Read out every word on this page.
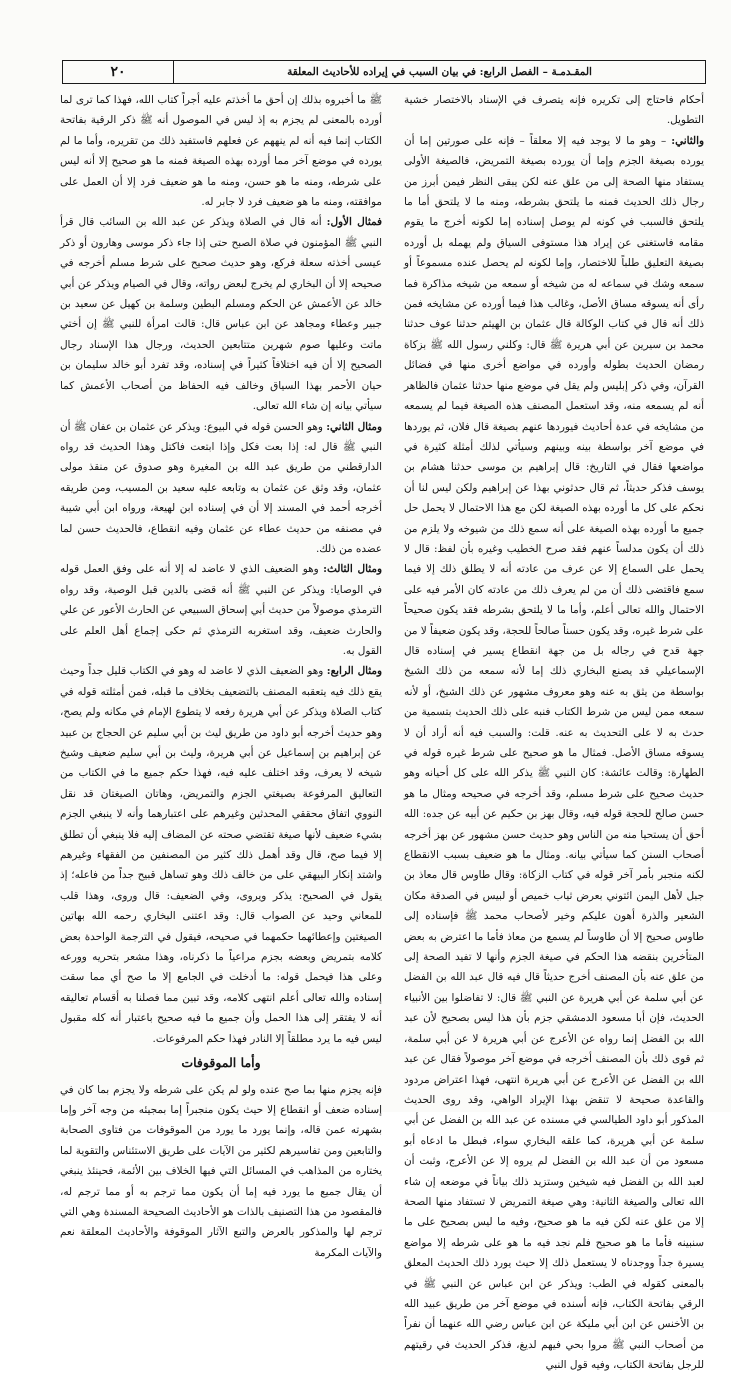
٢٠	المقـدمـة – الفصل الرابع: في بيان السبب في إيراده للأحاديث المعلقة

أحكام فاحتاج إلى تكريره فإنه يتصرف في الإسناد بالاختصار خشية التطويل.

والثاني: – وهو ما لا يوجد فيه إلا معلقاً – فإنه على صورتين إما أن يورده بصيغة الجزم وإما أن يورده بصيغة التمريض، فالصيغة الأولى يستفاد منها الصحة إلى من علق عنه لكن يبقى النظر فيمن أبرز من رجال ذلك الحديث فمنه ما يلتحق بشرطه، ومنه ما لا يلتحق أما ما يلتحق فالسبب في كونه لم يوصل إسناده إما لكونه أخرج ما يقوم مقامه فاستغنى عن إيراد هذا مستوفى السياق ولم يهمله بل أورده بصيغة التعليق طلباً للاختصار، وإما لكونه لم يحصل عنده مسموعاً أو سمعه وشك في سماعه له من شيخه أو سمعه من شيخه مذاكرة فما رأى أنه يسوقه مساق الأصل، وغالب هذا فيما أورده عن مشايخه فمن ذلك أنه قال في كتاب الوكالة قال عثمان بن الهيثم حدثنا عوف حدثنا محمد بن سيرين عن أبي هريرة ﷺ قال: وكلني رسول الله ﷺ بزكاة رمضان الحديث بطوله وأورده في مواضع أخرى منها في فضائل القرآن، وفي ذكر إبليس ولم يقل في موضع منها حدثنا عثمان فالظاهر أنه لم يسمعه منه، وقد استعمل المصنف هذه الصيغة فيما لم يسمعه من مشايخه في عدة أحاديث فيوردها عنهم بصيغة قال فلان، ثم يوردها في موضع آخر بواسطة بينه وبينهم وسيأتي لذلك أمثلة كثيرة في مواضعها فقال في التاريخ: قال إبراهيم بن موسى حدثنا هشام بن يوسف فذكر حديثاً، ثم قال حدثوني بهذا عن إبراهيم ولكن ليس لنا أن نحكم على كل ما أورده بهذه الصيغة لكن مع هذا الاحتمال لا يحمل حل جميع ما أورده بهذه الصيغة على أنه سمع ذلك من شيوخه ولا يلزم من ذلك أن يكون مدلساً عنهم فقد صرح الخطيب وغيره بأن لفظ: قال لا يحمل على السماع إلا عن عرف من عادته أنه لا يطلق ذلك إلا فيما سمع فاقتضى ذلك أن من لم يعرف ذلك من عادته كان الأمر فيه على الاحتمال والله تعالى أعلم، وأما ما لا يلتحق بشرطه فقد يكون صحيحاً على شرط غيره، وقد يكون حسناً صالحاً للحجة، وقد يكون ضعيفاً لا من جهة قدح في رجاله بل من جهة انقطاع يسير في إسناده قال الإسماعيلي قد يصنع البخاري ذلك إما لأنه سمعه من ذلك الشيخ بواسطة من يثق به عنه وهو معروف مشهور عن ذلك الشيخ، أو لأنه سمعه ممن ليس من شرط الكتاب فنبه على ذلك الحديث بتسمية من حدث به لا على التحديث به عنه. قلت: والسبب فيه أنه أراد أن لا يسوقه مساق الأصل. فمثال ما هو صحيح على شرط غيره قوله في الطهارة: وقالت عائشة: كان النبي ﷺ يذكر الله على كل أحيانه وهو حديث صحيح على شرط مسلم، وقد أخرجه في صحيحه ومثال ما هو حسن صالح للحجة قوله فيه، وقال بهز بن حكيم عن أبيه عن جده: الله أحق أن يستحيا منه من الناس وهو حديث حسن مشهور عن بهز أخرجه أصحاب السنن كما سيأتي بيانه. ومثال ما هو ضعيف بسبب الانقطاع لكنه منجبر بأمر آخر قوله في كتاب الزكاة: وقال طاوس قال معاذ بن جبل لأهل اليمن ائتوني بعرض ثياب خميص أو لبيس في الصدقة مكان الشعير والذرة أهون عليكم وخير لأصحاب محمد ﷺ فإسناده إلى طاوس صحيح إلا أن طاوساً لم يسمع من معاذ فأما ما اعترض به بعض المتأخرين بنقضه هذا الحكم في صيغة الجزم وأنها لا تفيد الصحة إلى من علق عنه بأن المصنف أخرج حديثاً قال فيه قال عبد الله بن الفضل عن أبي سلمة عن أبي هريرة عن النبي ﷺ قال: لا تفاضلوا بين الأنبياء الحديث، فإن أبا مسعود الدمشقي جزم بأن هذا ليس بصحيح لأن عبد الله بن الفضل إنما رواه عن الأعرج عن أبي هريرة لا عن أبي سلمة، ثم قوى ذلك بأن المصنف أخرجه في موضع آخر موصولاً فقال عن عبد الله بن الفضل عن الأعرج عن أبي هريرة انتهى، فهذا اعتراض مردود والقاعدة صحيحة لا تنقض بهذا الإيراد الواهي، وقد روى الحديث المذكور أبو داود الطيالسي في مسنده عن عبد الله بن الفضل عن أبي سلمة عن أبي هريرة، كما علقه البخاري سواء، فبطل ما ادعاه أبو مسعود من أن عبد الله بن الفضل لم يروه إلا عن الأعرج، وثبت أن لعبد الله بن الفضل فيه شيخين وستزيد ذلك بياناً في موضعه إن شاء الله تعالى والصيغة الثانية: وهي صيغة التمريض لا تستفاد منها الصحة إلا من علق عنه لكن فيه ما هو صحيح، وفيه ما ليس بصحيح على ما سنبينه فأما ما هو صحيح فلم نجد فيه ما هو على شرطه إلا مواضع يسيرة جداً ووجدناه لا يستعمل ذلك إلا حيث يورد ذلك الحديث المعلق بالمعنى كقوله في الطب: ويذكر عن ابن عباس عن النبي ﷺ في الرقي بفاتحة الكتاب، فإنه أسنده في موضع آخر من طريق عبيد الله بن الأخنس عن ابن أبي مليكة عن ابن عباس رضي الله عنهما أن نفراً من أصحاب النبي ﷺ مروا بحي فيهم لديغ، فذكر الحديث في رقيتهم للرجل بفاتحة الكتاب، وفيه قول النبي

ﷺ ما أخبروه بذلك إن أحق ما أخذتم عليه أجراً كتاب الله، فهذا كما ترى لما أورده بالمعنى لم يجزم به إذ ليس في الموصول أنه ﷺ ذكر الرقية بفاتحة الكتاب إنما فيه أنه لم ينههم عن فعلهم فاستفيد ذلك من تقريره، وأما ما لم يورده في موضع آخر مما أورده بهذه الصيغة فمنه ما هو صحيح إلا أنه ليس على شرطه، ومنه ما هو حسن، ومنه ما هو ضعيف فرد إلا أن العمل على موافقته، ومنه ما هو ضعيف فرد لا جابر له.

فمثال الأول: أنه قال في الصلاة ويذكر عن عبد الله بن السائب قال قرأ النبي ﷺ المؤمنون في صلاة الصبح حتى إذا جاء ذكر موسى وهارون أو ذكر عيسى أخذته سعلة فركع، وهو حديث صحيح على شرط مسلم أخرجه في صحيحه إلا أن البخاري لم يخرج لبعض رواته، وقال في الصيام ويذكر عن أبي خالد عن الأعمش عن الحكم ومسلم البطين وسلمة بن كهيل عن سعيد بن جبير وعطاء ومجاهد عن ابن عباس قال: قالت امرأة للنبي ﷺ إن أختي ماتت وعليها صوم شهرين متتابعين الحديث، ورجال هذا الإسناد رجال الصحيح إلا أن فيه اختلافاً كثيراً في إسناده، وقد تفرد أبو خالد سليمان بن حيان الأحمر بهذا السياق وخالف فيه الحفاظ من أصحاب الأعمش كما سيأتي بيانه إن شاء الله تعالى.

ومثال الثاني: وهو الحسن قوله في البيوع: ويذكر عن عثمان بن عفان ﷺ أن النبي ﷺ قال له: إذا بعت فكل وإذا ابتعت فاكتل وهذا الحديث قد رواه الدارقطني من طريق عبد الله بن المغيرة وهو صدوق عن منقذ مولى عثمان، وقد وثق عن عثمان به وتابعه عليه سعيد بن المسيب، ومن طريقه أخرجه أحمد في المسند إلا أن في إسناده ابن لهيعة، ورواه ابن أبي شيبة في مصنفه من حديث عطاء عن عثمان وفيه انقطاع، فالحديث حسن لما عضده من ذلك.

ومثال الثالث: وهو الضعيف الذي لا عاضد له إلا أنه على وفق العمل قوله في الوصايا: ويذكر عن النبي ﷺ أنه قضى بالدين قبل الوصية، وقد رواه الترمذي موصولاً من حديث أبي إسحاق السبيعي عن الحارث الأعور عن علي والحارث ضعيف، وقد استغربه الترمذي ثم حكى إجماع أهل العلم على القول به.

ومثال الرابع: وهو الضعيف الذي لا عاضد له وهو في الكتاب قليل جداً وحيث يقع ذلك فيه يتعقبه المصنف بالتضعيف بخلاف ما قبله، فمن أمثلته قوله في كتاب الصلاة ويذكر عن أبي هريرة رفعه لا يتطوع الإمام في مكانه ولم يصح، وهو حديث أخرجه أبو داود من طريق ليث بن أبي سليم عن الحجاج بن عبيد عن إبراهيم بن إسماعيل عن أبي هريرة، وليث بن أبي سليم ضعيف وشيخ شيخه لا يعرف، وقد اختلف عليه فيه، فهذا حكم جميع ما في الكتاب من التعاليق المرفوعة بصيغتي الجزم والتمريض، وهاتان الصيغتان قد نقل النووي اتفاق محققي المحدثين وغيرهم على اعتبارهما وأنه لا ينبغي الجزم بشيء ضعيف لأنها صيغة تقتضي صحته عن المضاف إليه فلا ينبغي أن تطلق إلا فيما صح، قال وقد أهمل ذلك كثير من المصنفين من الفقهاء وغيرهم واشتد إنكار البيهقي على من خالف ذلك وهو تساهل قبيح جداً من فاعله؛ إذ يقول في الصحيح: يذكر ويروى، وفي الضعيف: قال وروى، وهذا قلب للمعاني وحيد عن الصواب قال: وقد اعتنى البخاري رحمه الله بهاتين الصيغتين وإعطائهما حكمهما في صحيحه، فيقول في الترجمة الواحدة بعض كلامه بتمريض وبعضه بجزم مراعياً ما ذكرناه، وهذا مشعر بتحريه وورعه وعلى هذا فيحمل قوله: ما أدخلت في الجامع إلا ما صح أي مما سقت إسناده والله تعالى أعلم انتهى كلامه، وقد تبين مما فصلنا به أقسام تعاليقه أنه لا يفتقر إلى هذا الحمل وأن جميع ما فيه صحيح باعتبار أنه كله مقبول ليس فيه ما يرد مطلقاً إلا النادر فهذا حكم المرفوعات.

وأما الموقوفات

فإنه يجزم منها بما صح عنده ولو لم يكن على شرطه ولا يجزم بما كان في إسناده ضعف أو انقطاع إلا حيث يكون منجبراً إما بمجيئه من وجه آخر وإما بشهرته عمن قاله، وإنما يورد ما يورد من الموقوفات من فتاوى الصحابة والتابعين ومن تفاسيرهم لكثير من الآيات على طريق الاستئناس والتقوية لما يختاره من المذاهب في المسائل التي فيها الخلاف بين الأئمة، فحينئذ ينبغي أن يقال جميع ما يورد فيه إما أن يكون مما ترجم به أو مما ترجم له، فالمقصود من هذا التصنيف بالذات هو الأحاديث الصحيحة المسندة وهي التي ترجم لها والمذكور بالعرض والتبع الآثار الموقوفة والأحاديث المعلقة نعم والآيات المكرمة
